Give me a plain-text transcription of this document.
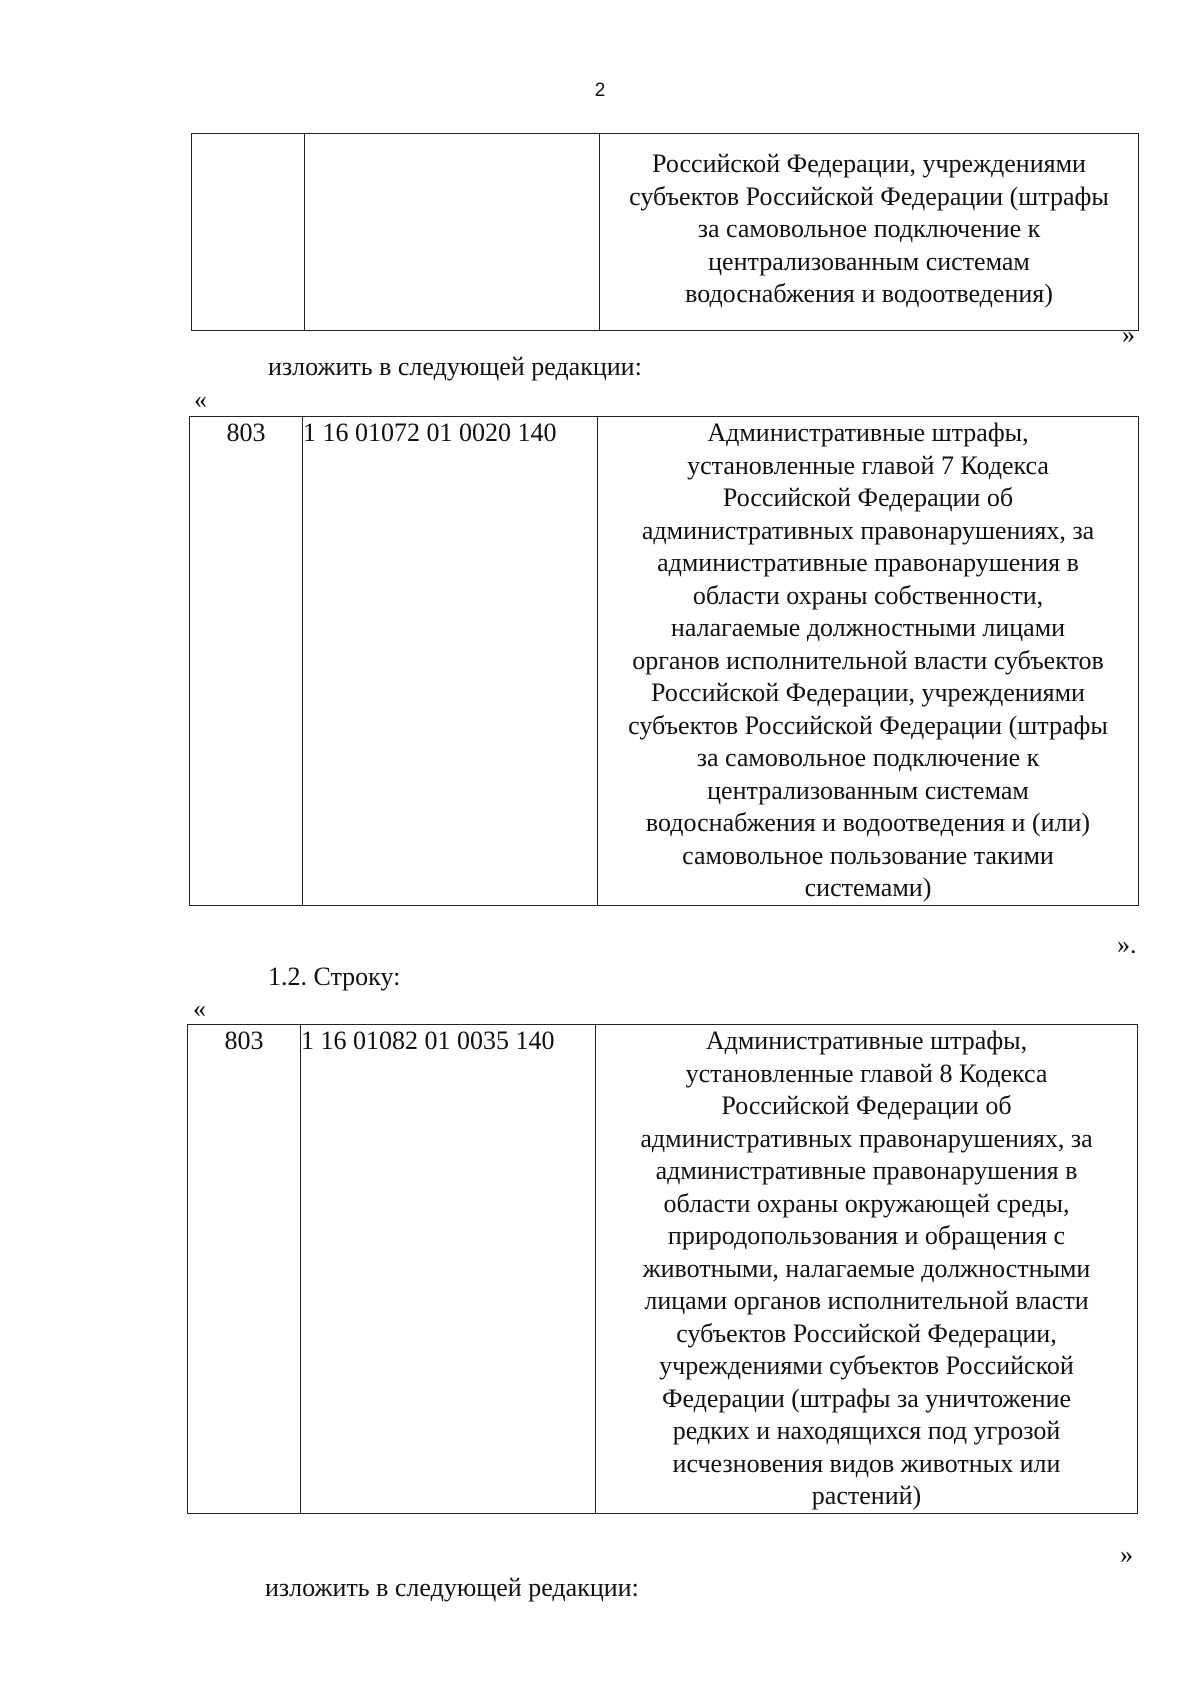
2

Российской Федерации, учреждениями
субъектов Российской Федерации (штрафы
за самовольное подключение к
централизованным системам
водоснабжения и водоотведения)
»
изложить в следующей редакции:
«
803	1 16 01072 01 0020 140	Административные штрафы,
установленные главой 7 Кодекса
Российской Федерации об
административных правонарушениях, за
административные правонарушения в
области охраны собственности,
налагаемые должностными лицами
органов исполнительной власти субъектов
Российской Федерации, учреждениями
субъектов Российской Федерации (штрафы
за самовольное подключение к
централизованным системам
водоснабжения и водоотведения и (или)
самовольное пользование такими
системами)
».
1.2. Строку:
«
803	1 16 01082 01 0035 140	Административные штрафы,
установленные главой 8 Кодекса
Российской Федерации об
административных правонарушениях, за
административные правонарушения в
области охраны окружающей среды,
природопользования и обращения с
животными, налагаемые должностными
лицами органов исполнительной власти
субъектов Российской Федерации,
учреждениями субъектов Российской
Федерации (штрафы за уничтожение
редких и находящихся под угрозой
исчезновения видов животных или
растений)
»
изложить в следующей редакции:
